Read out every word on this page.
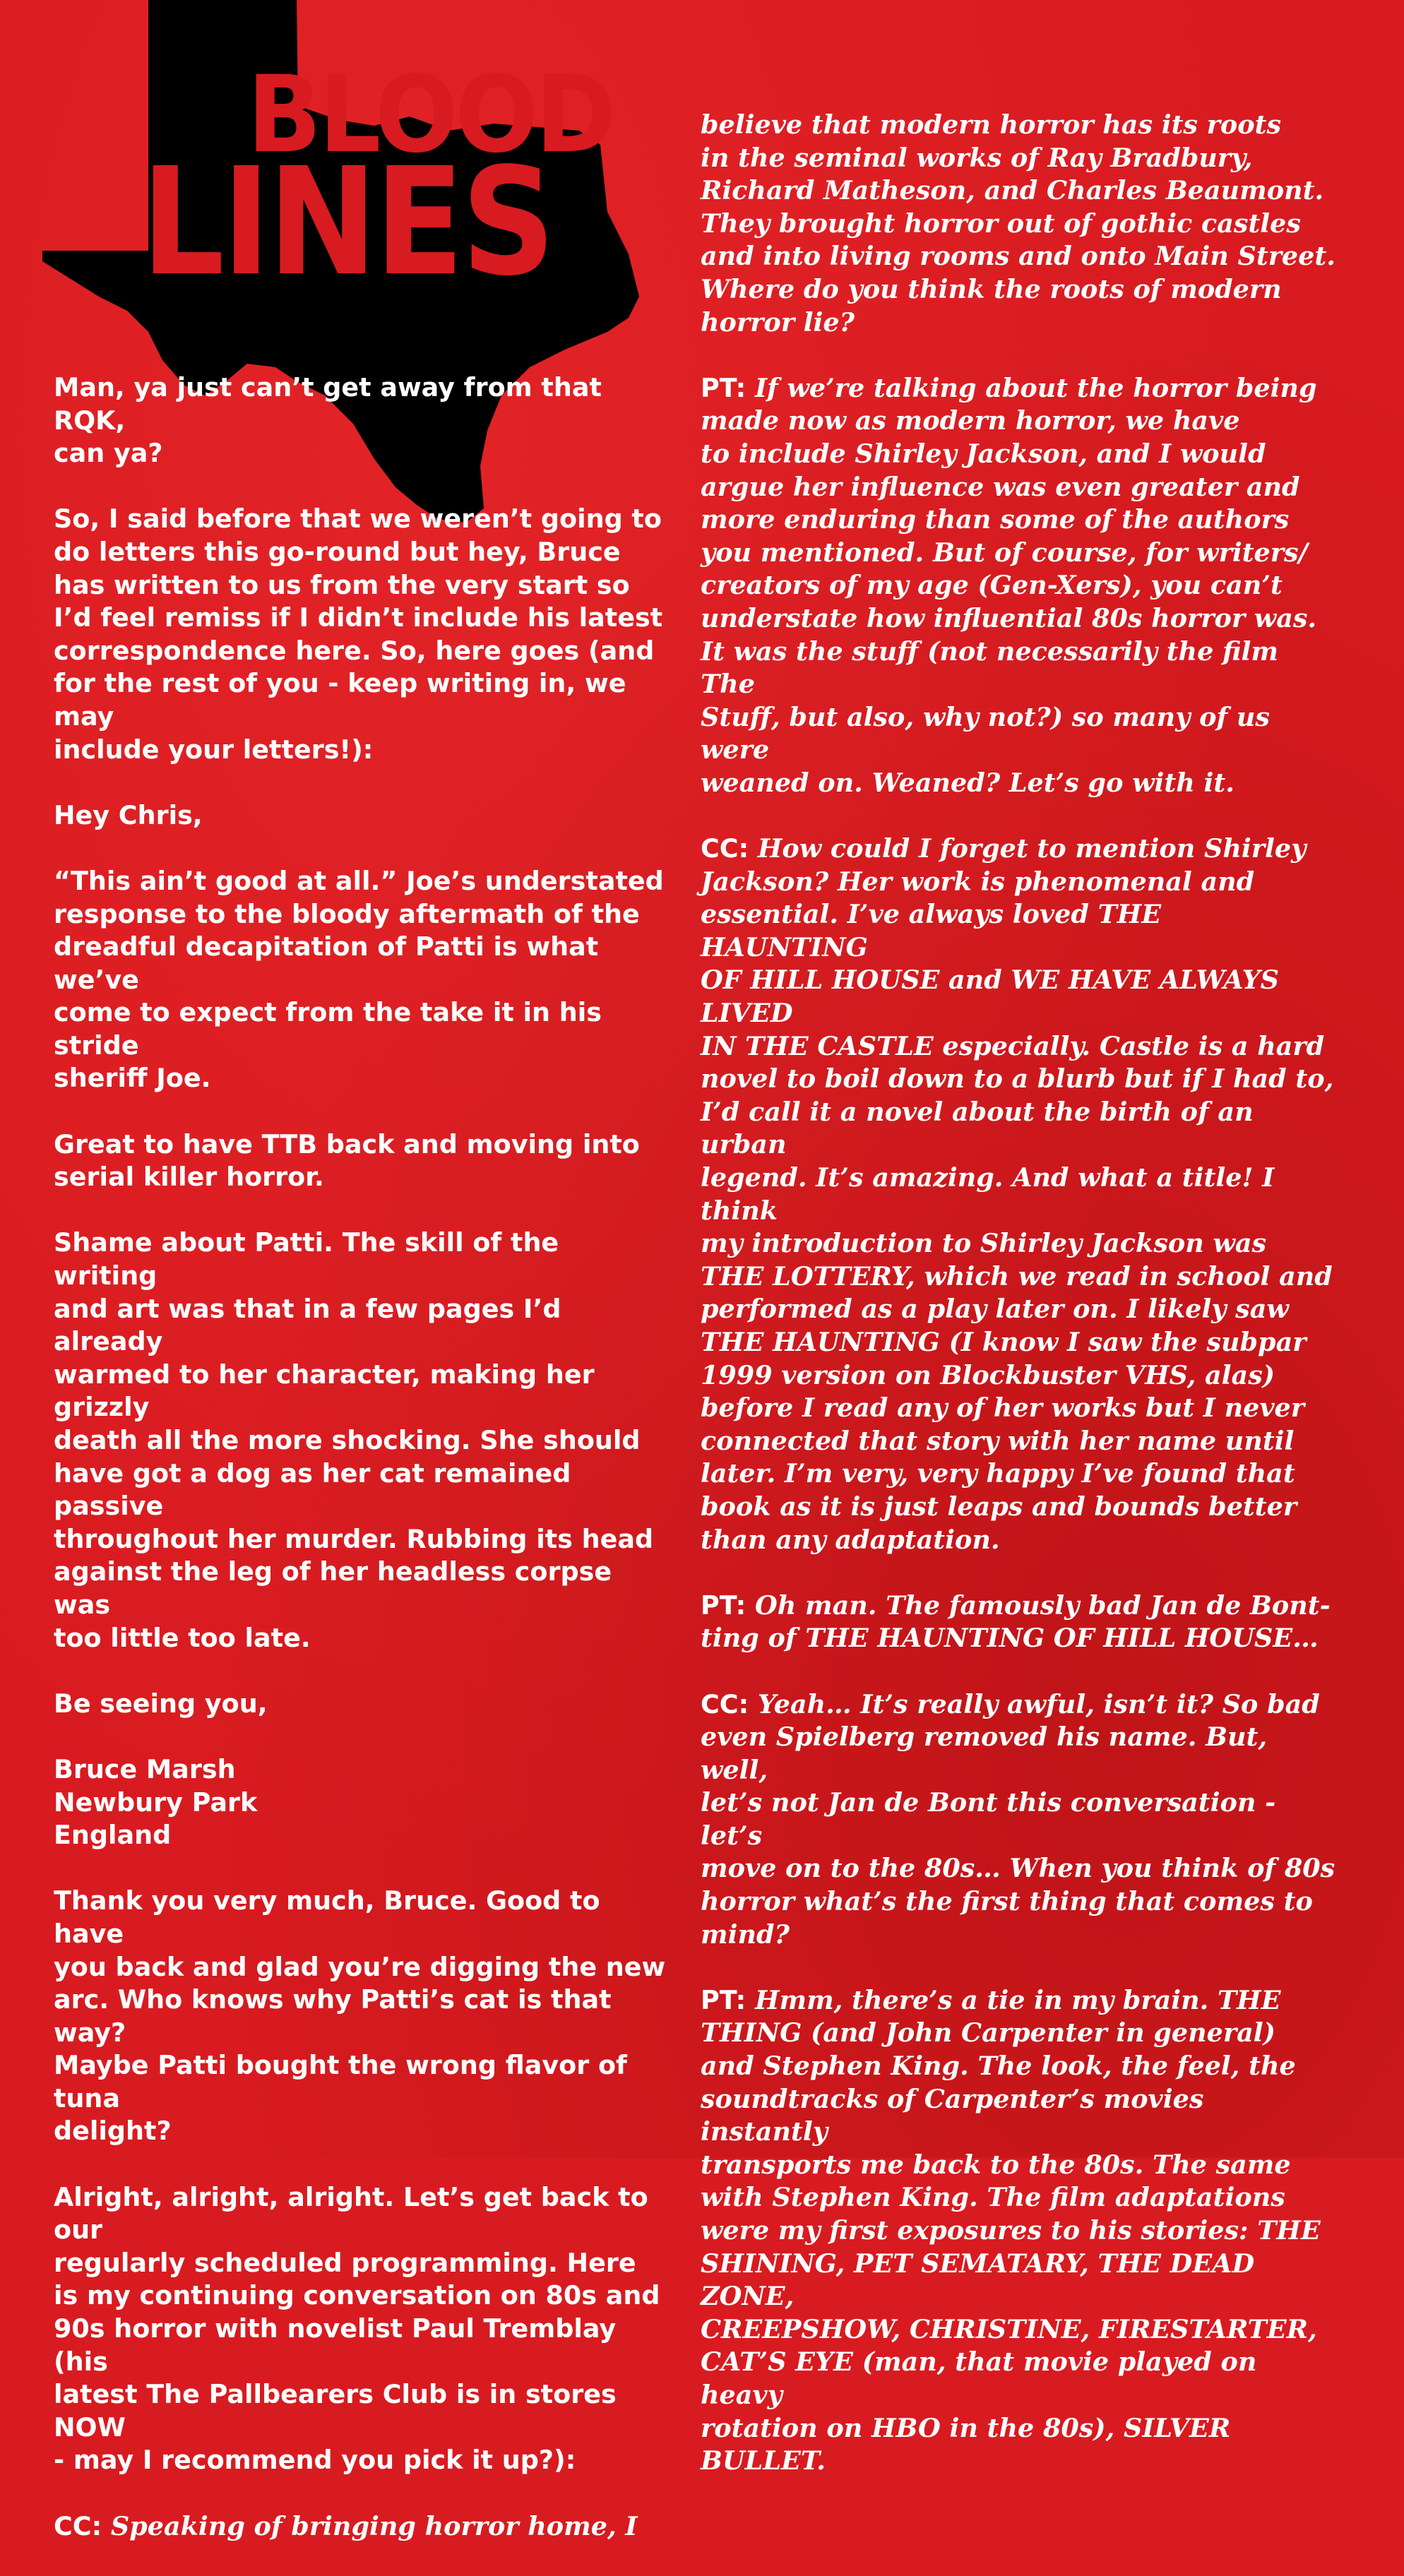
BLOOD
LINES

Man, ya just can’t get away from that RQK,
can ya?

So, I said before that we weren’t going to
do letters this go-round but hey, Bruce
has written to us from the very start so
I’d feel remiss if I didn’t include his latest
correspondence here. So, here goes (and
for the rest of you - keep writing in, we may
include your letters!):

Hey Chris,

“This ain’t good at all.” Joe’s understated
response to the bloody aftermath of the
dreadful decapitation of Patti is what we’ve
come to expect from the take it in his stride
sheriff Joe.

Great to have TTB back and moving into
serial killer horror.

Shame about Patti. The skill of the writing
and art was that in a few pages I’d already
warmed to her character, making her grizzly
death all the more shocking. She should
have got a dog as her cat remained passive
throughout her murder. Rubbing its head
against the leg of her headless corpse was
too little too late.

Be seeing you,

Bruce Marsh
Newbury Park
England

Thank you very much, Bruce. Good to have
you back and glad you’re digging the new
arc. Who knows why Patti’s cat is that way?
Maybe Patti bought the wrong flavor of tuna
delight?

Alright, alright, alright. Let’s get back to our
regularly scheduled programming. Here
is my continuing conversation on 80s and
90s horror with novelist Paul Tremblay (his
latest The Pallbearers Club is in stores NOW
- may I recommend you pick it up?):

CC: Speaking of bringing horror home, I

believe that modern horror has its roots
in the seminal works of Ray Bradbury,
Richard Matheson, and Charles Beaumont.
They brought horror out of gothic castles
and into living rooms and onto Main Street.
Where do you think the roots of modern
horror lie?

PT: If we’re talking about the horror being
made now as modern horror, we have
to include Shirley Jackson, and I would
argue her influence was even greater and
more enduring than some of the authors
you mentioned. But of course, for writers/
creators of my age (Gen-Xers), you can’t
understate how influential 80s horror was.
It was the stuff (not necessarily the film The
Stuff, but also, why not?) so many of us were
weaned on. Weaned? Let’s go with it.

CC: How could I forget to mention Shirley
Jackson? Her work is phenomenal and
essential. I’ve always loved THE HAUNTING
OF HILL HOUSE and WE HAVE ALWAYS LIVED
IN THE CASTLE especially. Castle is a hard
novel to boil down to a blurb but if I had to,
I’d call it a novel about the birth of an urban
legend. It’s amazing. And what a title! I think
my introduction to Shirley Jackson was
THE LOTTERY, which we read in school and
performed as a play later on. I likely saw
THE HAUNTING (I know I saw the subpar
1999 version on Blockbuster VHS, alas)
before I read any of her works but I never
connected that story with her name until
later. I’m very, very happy I’ve found that
book as it is just leaps and bounds better
than any adaptation.

PT: Oh man. The famously bad Jan de Bont-
ting of THE HAUNTING OF HILL HOUSE…

CC: Yeah… It’s really awful, isn’t it? So bad
even Spielberg removed his name. But, well,
let’s not Jan de Bont this conversation - let’s
move on to the 80s… When you think of 80s
horror what’s the first thing that comes to
mind?

PT: Hmm, there’s a tie in my brain. THE
THING (and John Carpenter in general)
and Stephen King. The look, the feel, the
soundtracks of Carpenter’s movies instantly
transports me back to the 80s. The same
with Stephen King. The film adaptations
were my first exposures to his stories: THE
SHINING, PET SEMATARY, THE DEAD ZONE,
CREEPSHOW, CHRISTINE, FIRESTARTER,
CAT’S EYE (man, that movie played on heavy
rotation on HBO in the 80s), SILVER BULLET.
